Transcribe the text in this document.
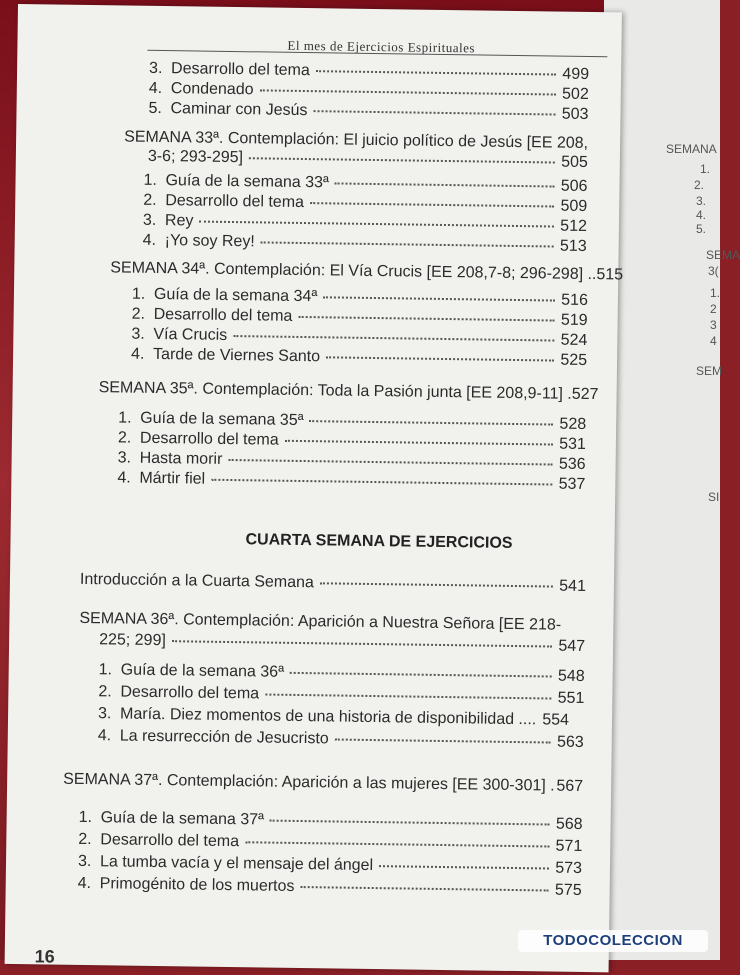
SEMANA
1.
2.
3.
4.
5.
SEMA
3(
1.
2
3
4
SEM
SI
El mes de Ejercicios Espirituales
3. Desarrollo del tema	499
4. Condenado	502
5. Caminar con Jesús	503
SEMANA 33ª. Contemplación: El juicio político de Jesús [EE 208,
3-6; 293-295]	505
1. Guía de la semana 33ª	506
2. Desarrollo del tema	509
3. Rey	512
4. ¡Yo soy Rey!	513
SEMANA 34ª. Contemplación: El Vía Crucis [EE 208,7-8; 296-298] .. 515
1. Guía de la semana 34ª	516
2. Desarrollo del tema	519
3. Vía Crucis	524
4. Tarde de Viernes Santo	525
SEMANA 35ª. Contemplación: Toda la Pasión junta [EE 208,9-11] . 527
1. Guía de la semana 35ª	528
2. Desarrollo del tema	531
3. Hasta morir	536
4. Mártir fiel	537
CUARTA SEMANA DE EJERCICIOS
Introducción a la Cuarta Semana	541
SEMANA 36ª. Contemplación: Aparición a Nuestra Señora [EE 218-
225; 299]	547
1. Guía de la semana 36ª	548
2. Desarrollo del tema	551
3. María. Diez momentos de una historia de disponibilidad .... 554
4. La resurrección de Jesucristo	563
SEMANA 37ª. Contemplación: Aparición a las mujeres [EE 300-301] . 567
1. Guía de la semana 37ª	568
2. Desarrollo del tema	571
3. La tumba vacía y el mensaje del ángel	573
4. Primogénito de los muertos	575
16
TODOCOLECCION
